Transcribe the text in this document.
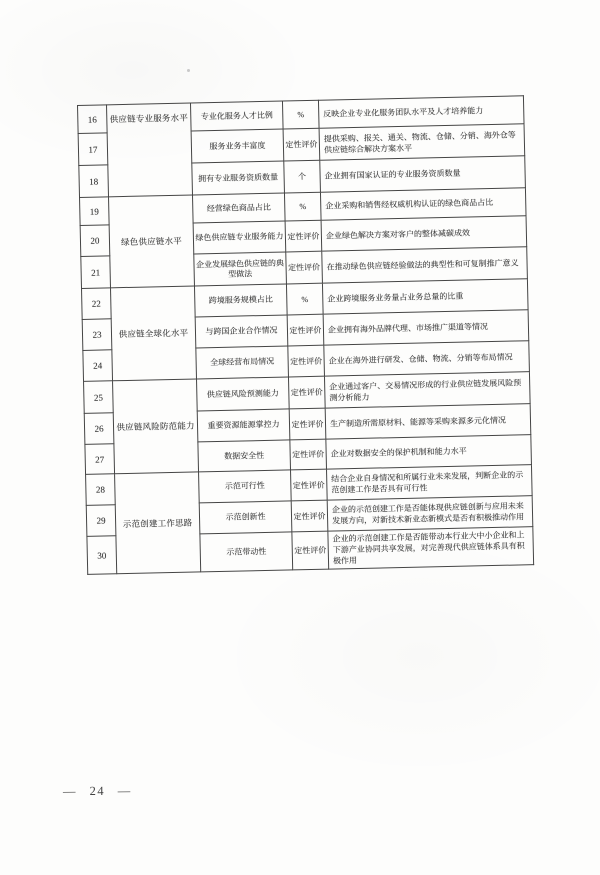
16	供应链专业服务水平	专业化服务人才比例	%	反映企业专业化服务团队水平及人才培养能力
17		服务业务丰富度	定性评价	提供采购、报关、通关、物流、仓储、分销、海外仓等供应链综合解决方案水平
18		拥有专业服务资质数量	个	企业拥有国家认证的专业服务资质数量
19	绿色供应链水平	经营绿色商品占比	%	企业采购和销售经权威机构认证的绿色商品占比
20		绿色供应链专业服务能力	定性评价	企业绿色解决方案对客户的整体减碳成效
21		企业发展绿色供应链的典型做法	定性评价	在推动绿色供应链经验做法的典型性和可复制推广意义
22	供应链全球化水平	跨境服务规模占比	%	企业跨境服务业务量占业务总量的比重
23		与跨国企业合作情况	定性评价	企业拥有海外品牌代理、市场推广渠道等情况
24		全球经营布局情况	定性评价	企业在海外进行研发、仓储、物流、分销等布局情况
25	供应链风险防范能力	供应链风险预测能力	定性评价	企业通过客户、交易情况形成的行业供应链发展风险预测分析能力
26		重要资源能源掌控力	定性评价	生产制造所需原材料、能源等采购来源多元化情况
27		数据安全性	定性评价	企业对数据安全的保护机制和能力水平
28	示范创建工作思路	示范可行性	定性评价	结合企业自身情况和所属行业未来发展，判断企业的示范创建工作是否具有可行性
29		示范创新性	定性评价	企业的示范创建工作是否能体现供应链创新与应用未来发展方向，对新技术新业态新模式是否有积极推动作用
30		示范带动性	定性评价	企业的示范创建工作是否能带动本行业大中小企业和上下游产业协同共享发展，对完善现代供应链体系具有积极作用
— 24 —
